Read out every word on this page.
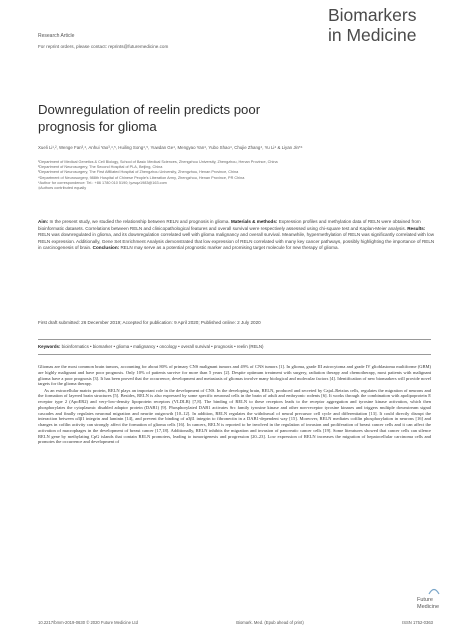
Research Article
For reprint orders, please contact: reprints@futuremedicine.com
Biomarkers
in Medicine
Downregulation of reelin predicts poor
prognosis for glioma
Xueli Li¹,², Wenge Fan³,⁴, Anhui Yao³,⁴,⁵, Huiling Song⁴,⁵, Yuwdan Ge⁴, Mengyao Yan⁴, Yubo Shao⁴, Chujie Zhang⁴, Yu Li⁴ & Liyan Jin*⁴
¹Department of Medical Genetics & Cell Biology, School of Basic Medical Sciences, Zhengzhou University, Zhengzhou, Henan Province, China
²Department of Neurosurgery, The Second Hospital of PLA, Beijing, China
³Department of Neurosurgery, The First Affiliated Hospital of Zhengzhou University, Zhengzhou, Henan Province, China
⁴Department of Neurosurgery, 988th Hospital of Chinese People's Liberation Army, Zhengzhou, Henan Province, PR China
*Author for correspondence: Tel.: +86 1780 010 5190; lyzsqz1983@163.com
‡Authors contributed equally
Aim: In the present study, we studied the relationship between RELN and prognosis in glioma. Materials & methods: Expression profiles and methylation data of RELN were obtained from bioinformatic datasets. Correlations between RELN and clinicopathological features and overall survival were respectively assessed using chi-square test and Kaplan-Meier analysis. Results: RELN was downregulated in glioma, and its downregulation correlated well with glioma malignancy and overall survival. Meanwhile, hypermethylation of RELN was significantly correlated with low RELN expression. Additionally, Gene Set Enrichment Analysis demonstrated that low expression of RELN correlated with many key cancer pathways, possibly highlighting the importance of RELN in carcinogenesis of brain. Conclusion: RELN may serve as a potential prognostic marker and promising target molecule for new therapy of glioma.
First draft submitted: 26 December 2019; Accepted for publication: 9 April 2020; Published online: 2 July 2020
Keywords: bioinformatics • biomarker • glioma • malignancy • oncology • overall survival • prognosis • reelin (RELN)

Gliomas are the most common brain tumors, accounting for about 80% of primary CNS malignant tumors and 49% of CNS tumors [1]. In glioma, grade III astrocytoma and grade IV glioblastoma multiforme (GBM) are highly malignant and have poor prognosis. Only 10% of patients survive for more than 5 years [2]. Despite optimum treatment with surgery, radiation therapy and chemotherapy, most patients with malignant glioma have a poor prognosis [3]. It has been proved that the occurrence, development and metastasis of gliomas involve many biological and molecular factors [4]. Identification of new biomarkers will provide novel targets for the glioma therapy.

As an extracellular matrix protein, RELN plays an important role in the development of CNS. In the developing brain, RELN, produced and secreted by Cajal–Retzius cells, regulates the migration of neurons and the formation of layered brain structures [5]. Besides, RELN is also expressed by some specific neuronal cells in the brain of adult and embryonic rodents [6]. It works through the combination with apolipoprotein E receptor type 2 (ApoER2) and very-low-density lipoprotein receptors (VLDLR) [7,8]. The binding of RELN to these receptors leads to the receptor aggregation and tyrosine kinase activation, which then phosphorylates the cytoplasmic disabled adaptor protein (DAB1) [9]. Phosphorylated DAB1 activates Src family tyrosine kinase and other non-receptor tyrosine kinases and triggers multiple downstream signal cascades and finally regulates neuronal migration and neurite outgrowth [10–12]. In addition, RELN regulates the withdrawal of neural precursor cell cycle and differentiation [13]. It could directly disrupt the interaction between α3β1 integrin and laminin [14], and prevent the binding of α3β1 integrin to fibronectin in a DAB1-dependent way [15]. Moreover, RELN mediates cofilin phosphorylation in neurons [16] and changes in cofilin activity can strongly affect the formation of glioma cells [16]. In cancers, RELN is reported to be involved in the regulation of invasion and proliferation of breast cancer cells and it can affect the activation of macrophages in the development of breast cancer [17,18]. Additionally, RELN inhibits the migration and invasion of pancreatic cancer cells [19]. Some literatures showed that cancer cells can silence RELN gene by methylating CpG islands that contain RELN promoters, leading to tumorigenesis and progression [20–23]. Low expression of RELN increases the migration of hepatocellular carcinoma cells and promotes the occurrence and development of

Future
Medicine
10.2217/bmm-2019-0630 © 2020 Future Medicine Ltd	Biomark. Med. (Epub ahead of print)	ISSN 1752-0363
